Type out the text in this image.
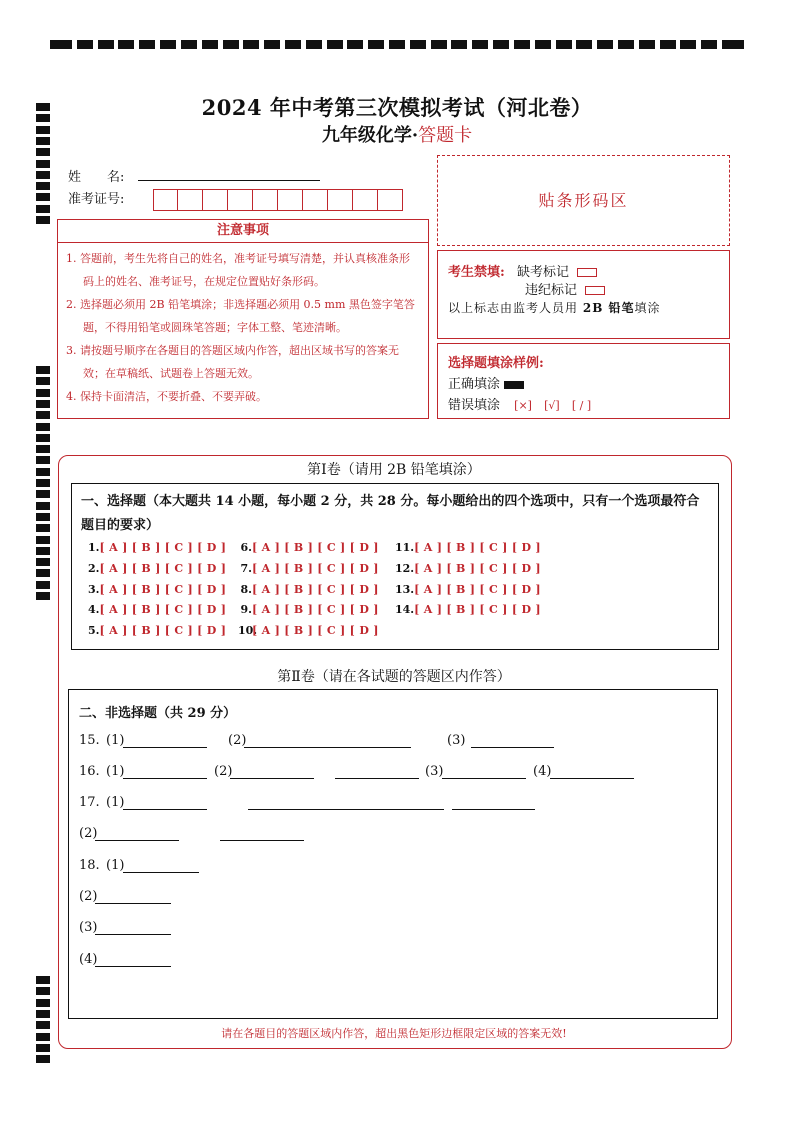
2024 年中考第三次模拟考试（河北卷）
九年级化学·答题卡
姓　　名:
准考证号:	贴条形码区
注意事项
1. 答题前，考生先将自己的姓名，准考证号填写清楚，并认真核准条形码上的姓名、准考证号，在规定位置贴好条形码。
2. 选择题必须用 2B 铅笔填涂；非选择题必须用 0.5 mm 黑色签字笔答题，不得用铅笔或圆珠笔答题；字体工整、笔迹清晰。
3. 请按题号顺序在各题目的答题区域内作答，超出区域书写的答案无效；在草稿纸、试题卷上答题无效。
4. 保持卡面清洁，不要折叠、不要弄破。
考生禁填: 缺考标记
违纪标记
以上标志由监考人员用 2B 铅笔填涂
选择题填涂样例:
正确填涂
错误填涂 [×] [√] [ / ]
第Ⅰ卷（请用 2B 铅笔填涂）
一、选择题（本大题共 14 小题，每小题 2 分，共 28 分。每小题给出的四个选项中，只有一个选项最符合题目的要求）
1.[ A ] [ B ] [ C ] [ D ]
2.[ A ] [ B ] [ C ] [ D ]
3.[ A ] [ B ] [ C ] [ D ]
4.[ A ] [ B ] [ C ] [ D ]
5.[ A ] [ B ] [ C ] [ D ]
6.[ A ] [ B ] [ C ] [ D ]
7.[ A ] [ B ] [ C ] [ D ]
8.[ A ] [ B ] [ C ] [ D ]
9.[ A ] [ B ] [ C ] [ D ]
10.[ A ] [ B ] [ C ] [ D ]
11.[ A ] [ B ] [ C ] [ D ]
12.[ A ] [ B ] [ C ] [ D ]
13.[ A ] [ B ] [ C ] [ D ]
14.[ A ] [ B ] [ C ] [ D ]
第Ⅱ卷（请在各试题的答题区内作答）
二、非选择题（共 29 分）
15. (1)	(2)	(3)
16. (1)	(2)	(3)	(4)
17. (1)
(2)
18. (1)
(2)
(3)
(4)
请在各题目的答题区域内作答，超出黑色矩形边框限定区域的答案无效!
